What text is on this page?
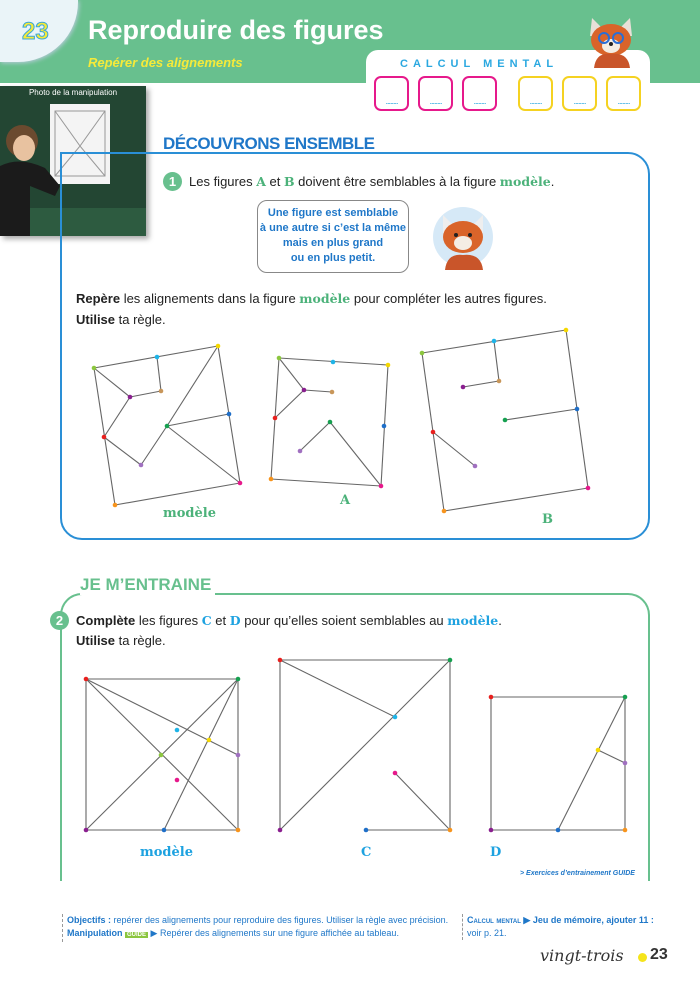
23 Reproduire des figures
Repérer des alignements	CALCUL MENTAL
........	........	........	........	........	........
Photo de la manipulation
DÉCOUVRONS ENSEMBLE
1 Les figures A et B doivent être semblables à la figure modèle.
Une figure est semblable
à une autre si c’est la même
mais en plus grand
ou en plus petit.
Repère les alignements dans la figure modèle pour compléter les autres figures.
Utilise ta règle.
modèle
A
B
JE M’ENTRAINE
2 Complète les figures C et D pour qu’elles soient semblables au modèle.
Utilise ta règle.
modèle	C	D
> Exercices d’entrainement GUIDE
Objectifs : repérer des alignements pour reproduire des figures. Utiliser la règle avec précision.
Manipulation GUIDE ▶ Repérer des alignements sur une figure affichée au tableau.
Calcul mental ▶ Jeu de mémoire, ajouter 11 :
voir p. 21.
vingt-trois 23
